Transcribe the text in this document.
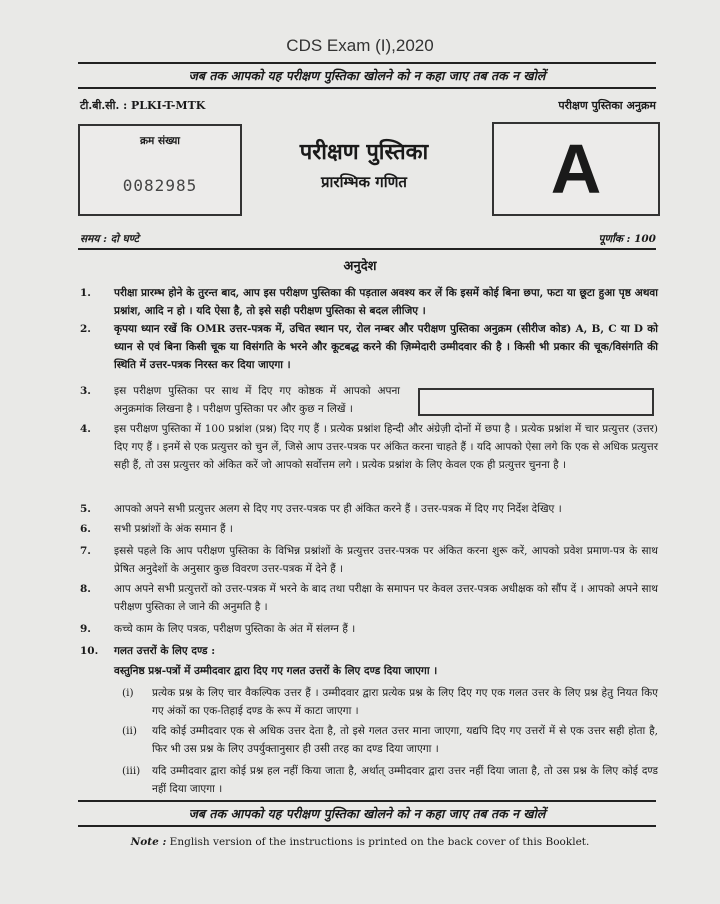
CDS Exam (I),2020
जब तक आपको यह परीक्षण पुस्तिका खोलने को न कहा जाए तब तक न खोलें
टी.बी.सी. : PLKI-T-MTK	परीक्षण पुस्तिका अनुक्रम
क्रम संख्या
0082985
परीक्षण पुस्तिका
प्रारम्भिक गणित	A
समय : दो घण्टे	पूर्णांक : 100
अनुदेश
1.	परीक्षा प्रारम्भ होने के तुरन्त बाद, आप इस परीक्षण पुस्तिका की पड़ताल अवश्य कर लें कि इसमें कोई बिना छपा, फटा या छूटा हुआ पृष्ठ अथवा प्रश्नांश, आदि न हो । यदि ऐसा है, तो इसे सही परीक्षण पुस्तिका से बदल लीजिए ।
2.	कृपया ध्यान रखें कि OMR उत्तर-पत्रक में, उचित स्थान पर, रोल नम्बर और परीक्षण पुस्तिका अनुक्रम (सीरीज कोड) A, B, C या D को ध्यान से एवं बिना किसी चूक या विसंगति के भरने और कूटबद्ध करने की ज़िम्मेदारी उम्मीदवार की है । किसी भी प्रकार की चूक/विसंगति की स्थिति में उत्तर-पत्रक निरस्त कर दिया जाएगा ।
3.	इस परीक्षण पुस्तिका पर साथ में दिए गए कोष्ठक में आपको अपना अनुक्रमांक लिखना है । परीक्षण पुस्तिका पर और कुछ न लिखें ।
4.	इस परीक्षण पुस्तिका में 100 प्रश्नांश (प्रश्न) दिए गए हैं । प्रत्येक प्रश्नांश हिन्दी और अंग्रेज़ी दोनों में छपा है । प्रत्येक प्रश्नांश में चार प्रत्युत्तर (उत्तर) दिए गए हैं । इनमें से एक प्रत्युत्तर को चुन लें, जिसे आप उत्तर-पत्रक पर अंकित करना चाहते हैं । यदि आपको ऐसा लगे कि एक से अधिक प्रत्युत्तर सही हैं, तो उस प्रत्युत्तर को अंकित करें जो आपको सर्वोत्तम लगे । प्रत्येक प्रश्नांश के लिए केवल एक ही प्रत्युत्तर चुनना है ।
5.	आपको अपने सभी प्रत्युत्तर अलग से दिए गए उत्तर-पत्रक पर ही अंकित करने हैं । उत्तर-पत्रक में दिए गए निर्देश देखिए ।
6.	सभी प्रश्नांशों के अंक समान हैं ।
7.	इससे पहले कि आप परीक्षण पुस्तिका के विभिन्न प्रश्नांशों के प्रत्युत्तर उत्तर-पत्रक पर अंकित करना शुरू करें, आपको प्रवेश प्रमाण-पत्र के साथ प्रेषित अनुदेशों के अनुसार कुछ विवरण उत्तर-पत्रक में देने हैं ।
8.	आप अपने सभी प्रत्युत्तरों को उत्तर-पत्रक में भरने के बाद तथा परीक्षा के समापन पर केवल उत्तर-पत्रक अधीक्षक को सौंप दें । आपको अपने साथ परीक्षण पुस्तिका ले जाने की अनुमति है ।
9.	कच्चे काम के लिए पत्रक, परीक्षण पुस्तिका के अंत में संलग्न हैं ।
10.	गलत उत्तरों के लिए दण्ड :
वस्तुनिष्ठ प्रश्न-पत्रों में उम्मीदवार द्वारा दिए गए गलत उत्तरों के लिए दण्ड दिया जाएगा ।
(i)	प्रत्येक प्रश्न के लिए चार वैकल्पिक उत्तर हैं । उम्मीदवार द्वारा प्रत्येक प्रश्न के लिए दिए गए एक गलत उत्तर के लिए प्रश्न हेतु नियत किए गए अंकों का एक-तिहाई दण्ड के रूप में काटा जाएगा ।
(ii)	यदि कोई उम्मीदवार एक से अधिक उत्तर देता है, तो इसे गलत उत्तर माना जाएगा, यद्यपि दिए गए उत्तरों में से एक उत्तर सही होता है, फिर भी उस प्रश्न के लिए उपर्युक्तानुसार ही उसी तरह का दण्ड दिया जाएगा ।
(iii)	यदि उम्मीदवार द्वारा कोई प्रश्न हल नहीं किया जाता है, अर्थात् उम्मीदवार द्वारा उत्तर नहीं दिया जाता है, तो उस प्रश्न के लिए कोई दण्ड नहीं दिया जाएगा ।
जब तक आपको यह परीक्षण पुस्तिका खोलने को न कहा जाए तब तक न खोलें
Note : English version of the instructions is printed on the back cover of this Booklet.
